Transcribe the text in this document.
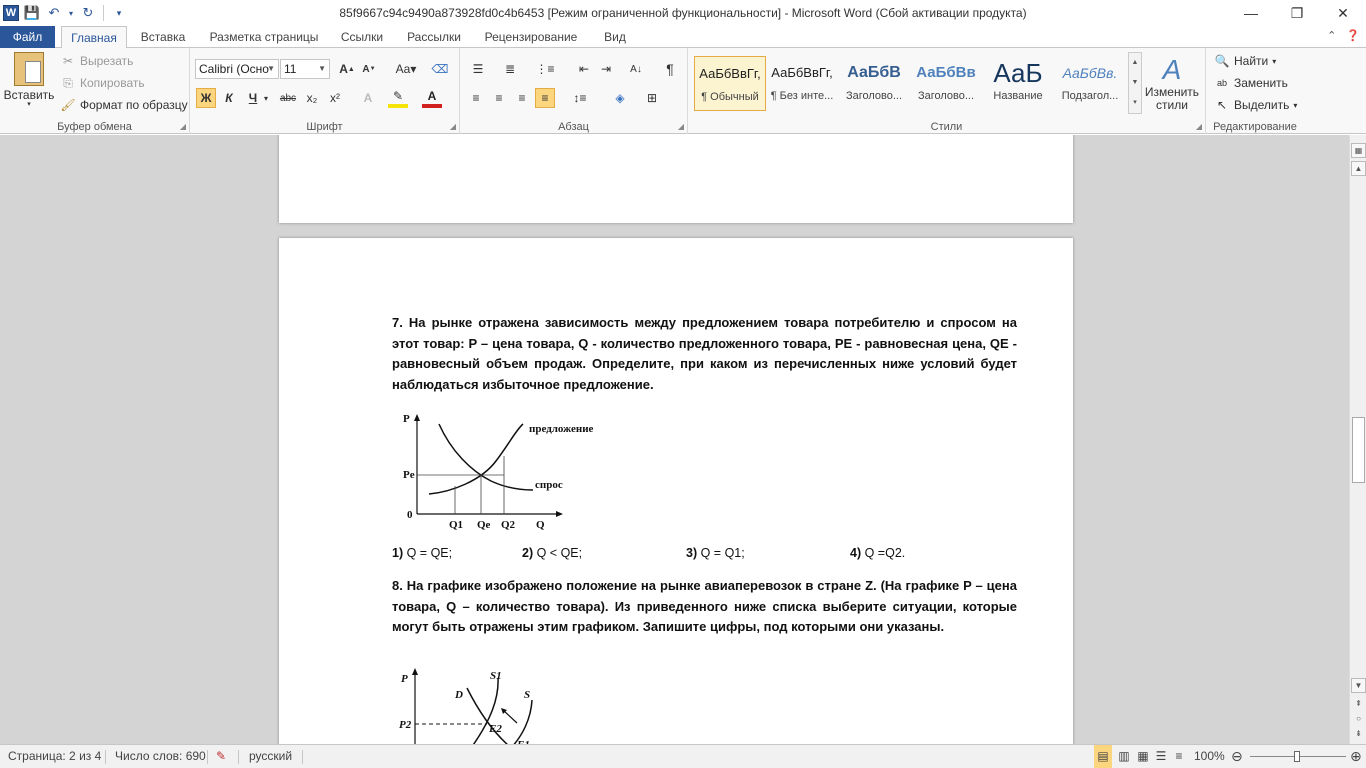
W 💾 ↶	▾ ↻	▾	85f9667c94c9490a873928fd0c4b6453 [Режим ограниченной функциональности] - Microsoft Word (Сбой активации продукта)	—	❐	✕
Файл	Главная	Вставка	Разметка страницы	Ссылки	Рассылки	Рецензирование	Вид	⌃ ❓
Вставить
▾
✂ Вырезать
⎘ Копировать
🖌 Формат по образцу
Буфер обмена	◢
Calibri (Осно
▼ 11	▼ A ▲ A ▼	Aa▾	⌫
Ж	К	Ч ▾	abc x₂	x²	A	✎	A
Шрифт	◢
☰	≣	⋮≡	⇤ ⇥	A↓	¶
≡	≡	≡	≡	↕≡	◈	⊞
Абзац	◢
АаБбВвГг,
¶ Обычный
АаБбВвГг,
¶ Без инте...
АаБбВ
Заголово...
АаБбВв
Заголово...
АаБ
Название
АаБбВв.
Подзагол...
▲
▼
▾
A
Изменить стили
Стили	◢
🔍 Найти ▾
ab Заменить
↖ Выделить ▾
Редактирование
7. На рынке отражена зависимость между предложением товара потребителю и спросом на этот товар: P – цена товара, Q - количество предложенного товара, PE - равновесная цена, QE - равновесный объем продаж. Определите, при каком из перечисленных ниже условий будет наблюдаться избыточное предложение.
P
0
Q
Pe
Q1 Qe Q2
предложение
спрос
1) Q = QE;	2) Q < QE;	3) Q = Q1;	4) Q =Q2.
8. На графике изображено положение на рынке авиаперевозок в стране Z. (На графике P – цена товара, Q – количество товара). Из приведенного ниже списка выберите ситуации, которые могут быть отражены этим графиком. Запишите цифры, под которыми они указаны.
P
P2
D
S1
S
E2
▦
▲
▼
⇞
○
⇟
Страница: 2 из 4 Число слов: 690 ✎ русский	▤ ▥ ▦ ☰ ≡ 100% ⊖	⊕
